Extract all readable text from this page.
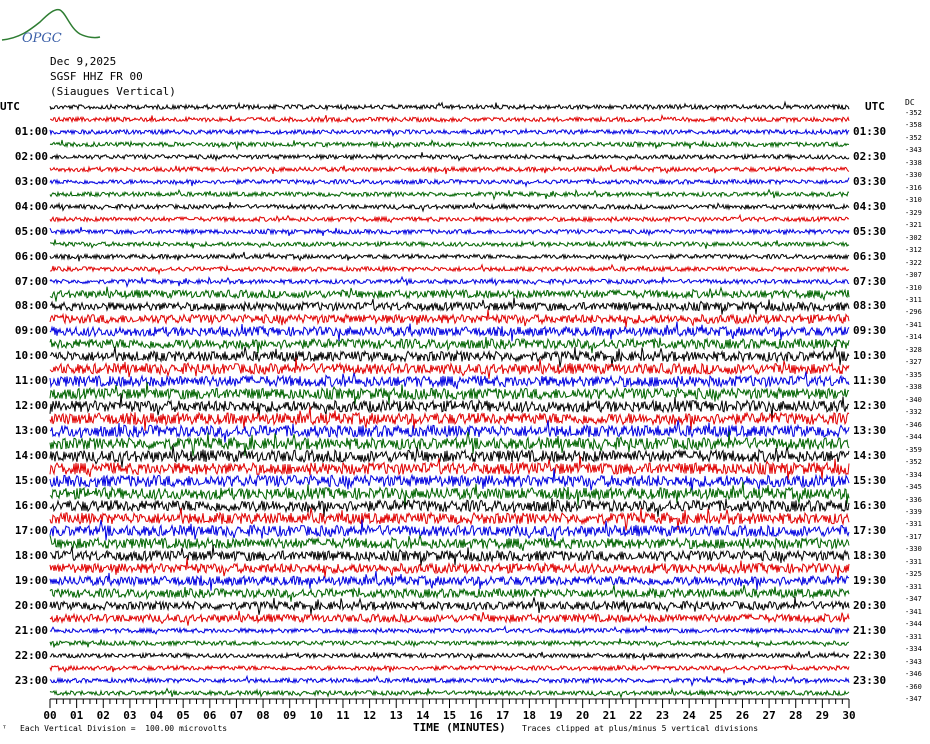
OPGC
Dec 9,2025
SGSF HHZ FR 00
(Siaugues Vertical)
UTC	UTC	DC
-352
-358
01:00	01:30	-352
-343
02:00	02:30	-338
-330
03:00	03:30	-316
-310
04:00	04:30	-329
-321
05:00	05:30	-302
-312
06:00	06:30	-322
-307
07:00	07:30	-310
-311
08:00	08:30	-296
-341
09:00	09:30	-314
-328
10:00	10:30	-327
-335
11:00	11:30	-338
-340
12:00	12:30	-332
-346
13:00	13:30	-344
-359
14:00	14:30	-352
-334
15:00	15:30	-345
-336
16:00	16:30	-339
-331
17:00	17:30	-317
-330
18:00	18:30	-331
-325
19:00	19:30	-331
-347
20:00	20:30	-341
-344
21:00	21:30	-331
-334
22:00	22:30	-343
-346
23:00	23:30	-360
-347
00 01 02 03 04 05 06 07 08 09 10 11 12 13 14 15 16 17 18 19 20 21 22 23 24 25 26 27 28 29 30
TIME (MINUTES)
ᵀ Each Vertical Division =  100.00 microvolts	Traces clipped at plus/minus 5 vertical divisions
